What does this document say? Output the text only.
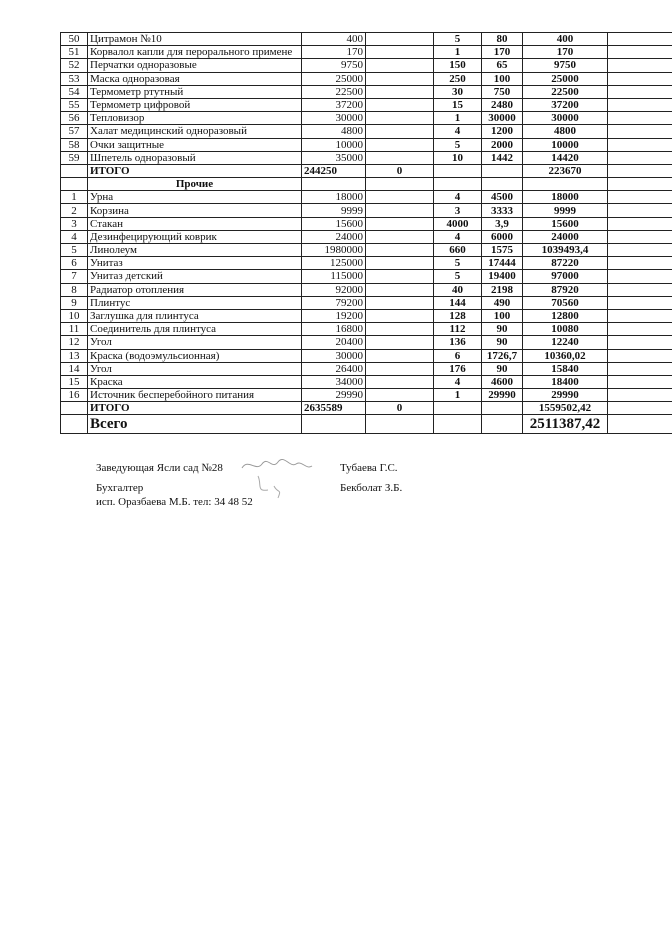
50	Цитрамон №10	400		5	80	400	
51	Корвалол капли для перорального примене	170		1	170	170	
52	Перчатки одноразовые	9750		150	65	9750	
53	Маска одноразовая	25000		250	100	25000	
54	Термометр ртутный	22500		30	750	22500	
55	Термометр цифровой	37200		15	2480	37200	
56	Тепловизор	30000		1	30000	30000	
57	Халат медицинский одноразовый	4800		4	1200	4800	
58	Очки защитные	10000		5	2000	10000	
59	Шпетель одноразовый	35000		10	1442	14420	
	ИТОГО	244250	0			223670	
	Прочие						
1	Урна	18000		4	4500	18000	
2	Корзина	9999		3	3333	9999	
3	Стакан	15600		4000	3,9	15600	
4	Дезинфецирующий коврик	24000		4	6000	24000	
5	Линолеум	1980000		660	1575	1039493,4	
6	Унитаз	125000		5	17444	87220	
7	Унитаз детский	115000		5	19400	97000	
8	Радиатор отопления	92000		40	2198	87920	
9	Плинтус	79200		144	490	70560	
10	Заглушка для плинтуса	19200		128	100	12800	
11	Соединитель для плинтуса	16800		112	90	10080	
12	Угол	20400		136	90	12240	
13	Краска (водоэмульсионная)	30000		6	1726,7	10360,02	
14	Угол	26400		176	90	15840	
15	Краска	34000		4	4600	18400	
16	Источник бесперебойного питания	29990		1	29990	29990	
	ИТОГО	2635589	0			1559502,42	
	Всего					2511387,42	
Заведующая Ясли сад №28	Тубаева Г.С.
Бухгалтер	Бекболат З.Б.
исп. Оразбаева М.Б. тел: 34 48 52
